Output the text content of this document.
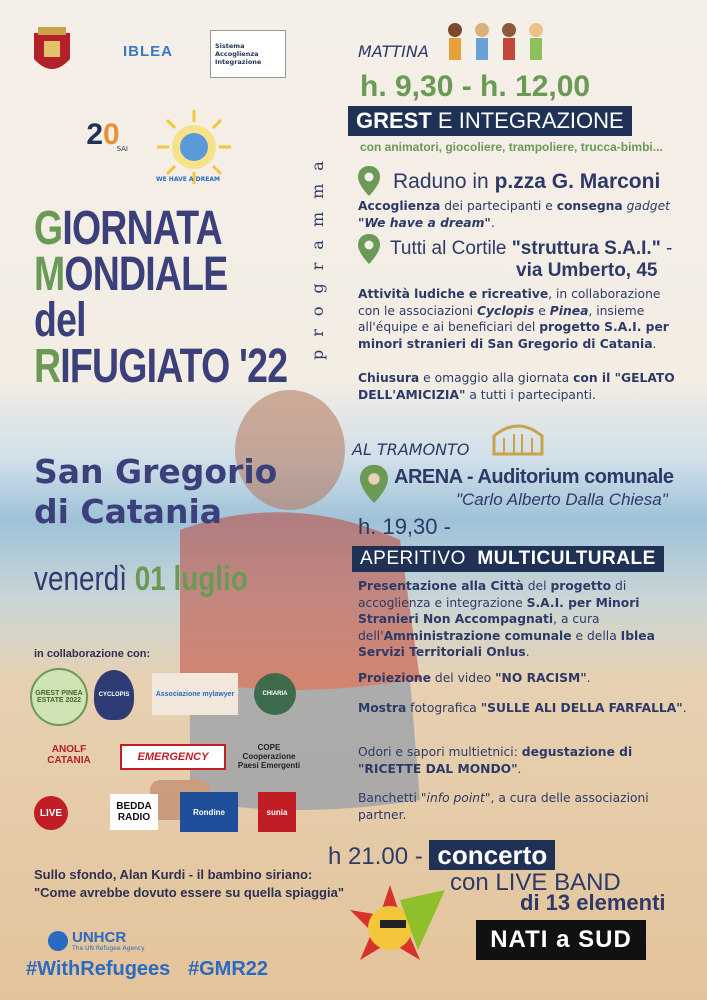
IBLEA	Sistema
Accoglienza
Integrazione
20
SAI
WE HAVE A DREAM
GIORNATA
MONDIALE
del
RIFUGIATO '22
San Gregorio
di Catania
venerdì 01 luglio
in collaborazione con:
GREST PINEA ESTATE 2022
CYCLOPIS	Associazione mylawyer	CHIARIA
ANOLF CATANIA	EMERGENCY
COPE Cooperazione Paesi Emergenti
LIVE
BEDDA RADIO	Rondine	sunia
Sullo sfondo, Alan Kurdi - il bambino siriano:
"Come avrebbe dovuto essere su quella spiaggia"
UNHCR
The UN Refugee Agency
#WithRefugees #GMR22
programma
MATTINA
h. 9,30 - h. 12,00
GREST E INTEGRAZIONE
con animatori, giocoliere, trampoliere, trucca-bimbi...
Raduno in p.zza G. Marconi
Accoglienza dei partecipanti e consegna gadget "We have a dream".
Tutti al Cortile "struttura S.A.I." -
via Umberto, 45
Attività ludiche e ricreative, in collaborazione con le associazioni Cyclopis e Pinea, insieme all'équipe e ai beneficiari del progetto S.A.I. per minori stranieri di San Gregorio di Catania.
Chiusura e omaggio alla giornata con il "GELATO DELL'AMICIZIA" a tutti i partecipanti.
AL TRAMONTO
ARENA - Auditorium comunale
"Carlo Alberto Dalla Chiesa"
h. 19,30 -
APERITIVO MULTICULTURALE
Presentazione alla Città del progetto di accoglienza e integrazione S.A.I. per Minori Stranieri Non Accompagnati, a cura dell'Amministrazione comunale e della Iblea Servizi Territoriali Onlus.
Proiezione del video "NO RACISM".
Mostra fotografica "SULLE ALI DELLA FARFALLA".
Odori e sapori multietnici: degustazione di "RICETTE DAL MONDO".
Banchetti "info point", a cura delle associazioni partner.
h 21.00 - concerto
con LIVE BAND
di 13 elementi
NATI a SUD
